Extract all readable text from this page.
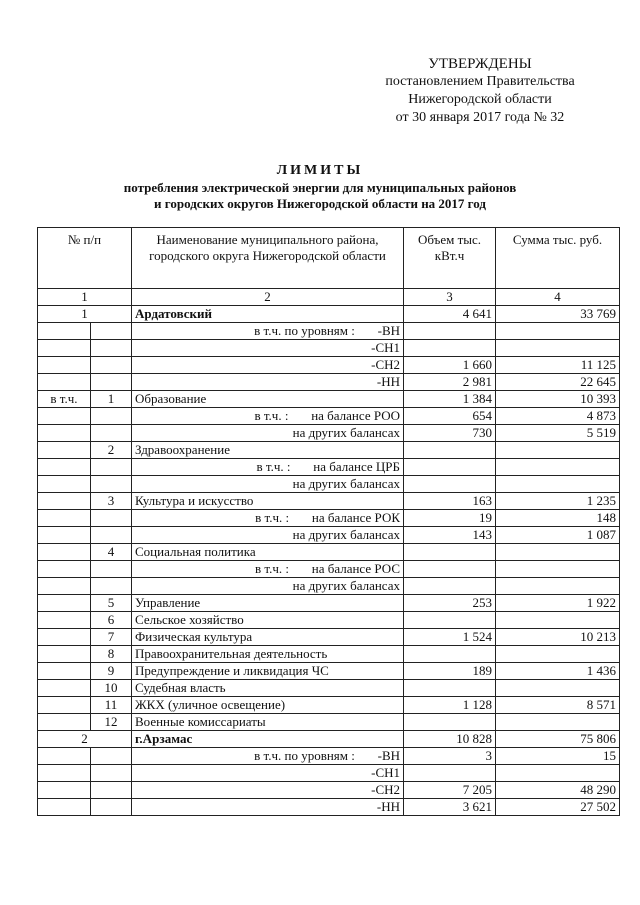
УТВЕРЖДЕНЫ
постановлением Правительства
Нижегородской области
от 30 января 2017 года № 32
ЛИМИТЫ
потребления электрической энергии для муниципальных районов
и городских округов Нижегородской области на 2017 год
№ п/п		Наименование муниципального района, городского округа Нижегородской области	Объем тыс. кВт.ч	Сумма тыс. руб.
1		2	3	4
1		Ардатовский	4 641	33 769
		в т.ч. по уровням :       -ВН		
		-СН1		
		-СН2	1 660	11 125
		-НН	2 981	22 645
в т.ч.	1	Образование	1 384	10 393
		в т.ч. :       на балансе РОО	654	4 873
		на других балансах	730	5 519
	2	Здравоохранение		
		в т.ч. :       на балансе ЦРБ		
		на других балансах		
	3	Культура и искусство	163	1 235
		в т.ч. :       на балансе РОК	19	148
		на других балансах	143	1 087
	4	Социальная политика		
		в т.ч. :       на балансе РОС		
		на других балансах		
	5	Управление	253	1 922
	6	Сельское хозяйство		
	7	Физическая культура	1 524	10 213
	8	Правоохранительная деятельность		
	9	Предупреждение и ликвидация ЧС	189	1 436
	10	Судебная власть		
	11	ЖКХ (уличное освещение)	1 128	8 571
	12	Военные комиссариаты		
2		г.Арзамас	10 828	75 806
		в т.ч. по уровням :       -ВН	3	15
		-СН1		
		-СН2	7 205	48 290
		-НН	3 621	27 502
